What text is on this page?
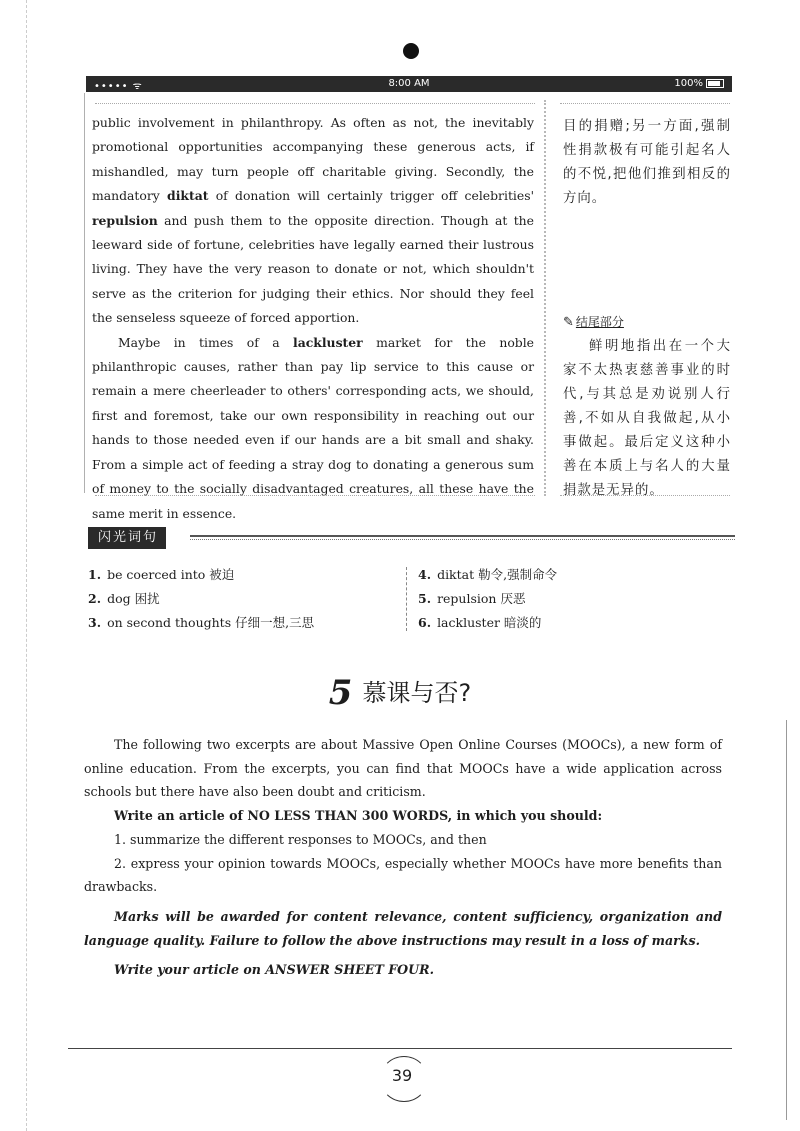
••••• ᯤ	8:00 AM	100%

public involvement in philanthropy. As often as not, the inevitably promotional opportunities accompanying these generous acts, if mishandled, may turn people off charitable giving. Secondly, the mandatory diktat of donation will certainly trigger off celebrities' repulsion and push them to the opposite direction. Though at the leeward side of fortune, celebrities have legally earned their lustrous living. They have the very reason to donate or not, which shouldn't serve as the criterion for judging their ethics. Nor should they feel the senseless squeeze of forced apportion.

Maybe in times of a lackluster market for the noble philanthropic causes, rather than pay lip service to this cause or remain a mere cheerleader to others' corresponding acts, we should, first and foremost, take our own responsibility in reaching out our hands to those needed even if our hands are a bit small and shaky. From a simple act of feeding a stray dog to donating a generous sum of money to the socially disadvantaged creatures, all these have the same merit in essence.

目的捐赠;另一方面,强制性捐款极有可能引起名人的不悦,把他们推到相反的方向。
✎ 结尾部分
鲜明地指出在一个大家不太热衷慈善事业的时代,与其总是劝说别人行善,不如从自我做起,从小事做起。最后定义这种小善在本质上与名人的大量捐款是无异的。
闪光词句
1. be coerced into 被迫
2. dog 困扰
3. on second thoughts 仔细一想,三思
4. diktat 勒令,强制命令
5. repulsion 厌恶
6. lackluster 暗淡的
5 慕课与否?

The following two excerpts are about Massive Open Online Courses (MOOCs), a new form of online education. From the excerpts, you can find that MOOCs have a wide application across schools but there have also been doubt and criticism.

Write an article of NO LESS THAN 300 WORDS, in which you should:

1. summarize the different responses to MOOCs, and then

2. express your opinion towards MOOCs, especially whether MOOCs have more benefits than drawbacks.

Marks will be awarded for content relevance, content sufficiency, organization and language quality. Failure to follow the above instructions may result in a loss of marks.

Write your article on ANSWER SHEET FOUR.

39
